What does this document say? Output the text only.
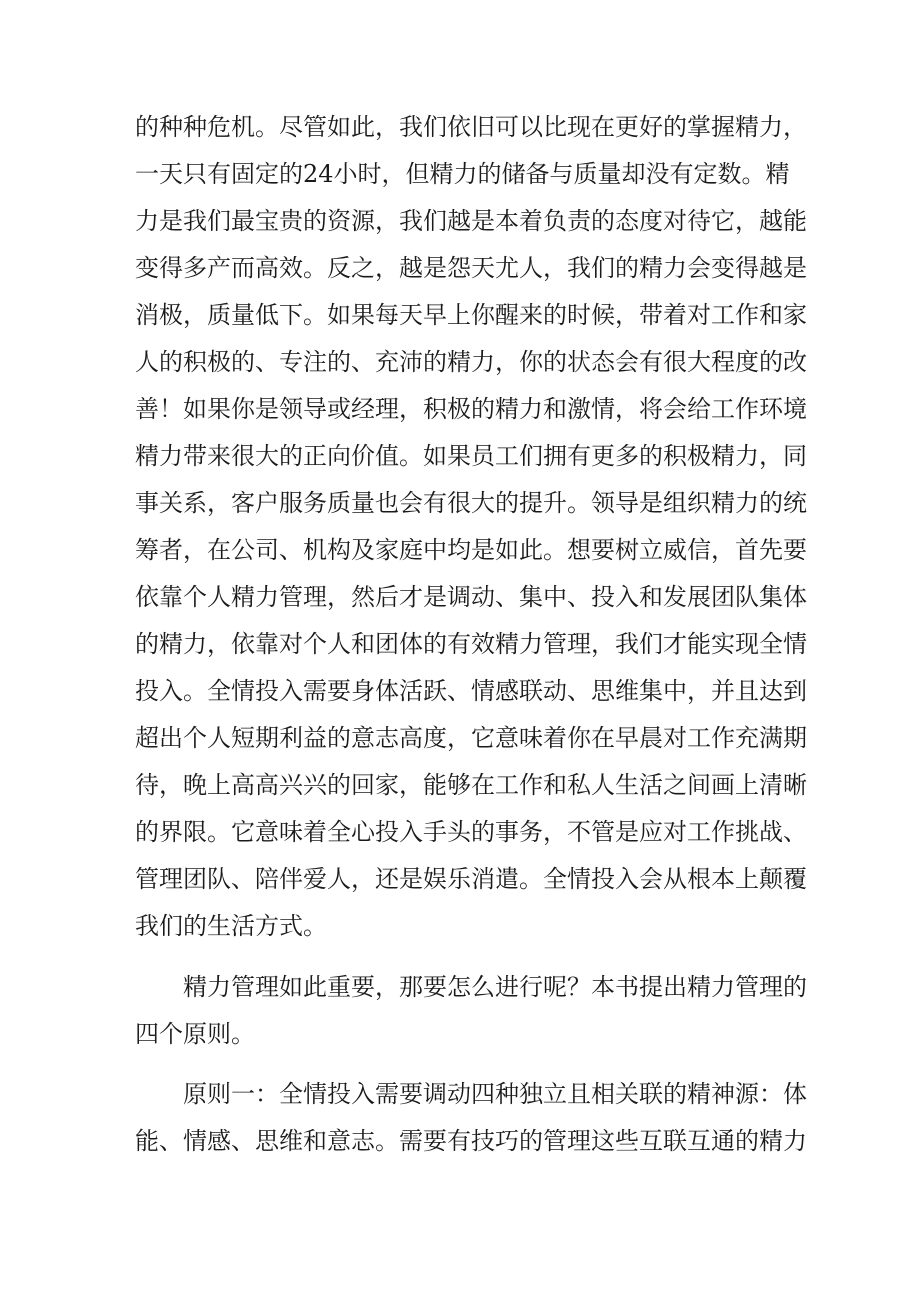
的种种危机。尽管如此，我们依旧可以比现在更好的掌握精力，
一天只有固定的24小时，但精力的储备与质量却没有定数。精
力是我们最宝贵的资源，我们越是本着负责的态度对待它，越能
变得多产而高效。反之，越是怨天尤人，我们的精力会变得越是
消极，质量低下。如果每天早上你醒来的时候，带着对工作和家
人的积极的、专注的、充沛的精力，你的状态会有很大程度的改
善！如果你是领导或经理，积极的精力和激情，将会给工作环境
精力带来很大的正向价值。如果员工们拥有更多的积极精力，同
事关系，客户服务质量也会有很大的提升。领导是组织精力的统
筹者，在公司、机构及家庭中均是如此。想要树立威信，首先要
依靠个人精力管理，然后才是调动、集中、投入和发展团队集体
的精力，依靠对个人和团体的有效精力管理，我们才能实现全情
投入。全情投入需要身体活跃、情感联动、思维集中，并且达到
超出个人短期利益的意志高度，它意味着你在早晨对工作充满期
待，晚上高高兴兴的回家，能够在工作和私人生活之间画上清晰
的界限。它意味着全心投入手头的事务，不管是应对工作挑战、
管理团队、陪伴爱人，还是娱乐消遣。全情投入会从根本上颠覆
我们的生活方式。
精力管理如此重要，那要怎么进行呢？本书提出精力管理的
四个原则。
原则一：全情投入需要调动四种独立且相关联的精神源：体
能、情感、思维和意志。需要有技巧的管理这些互联互通的精力
